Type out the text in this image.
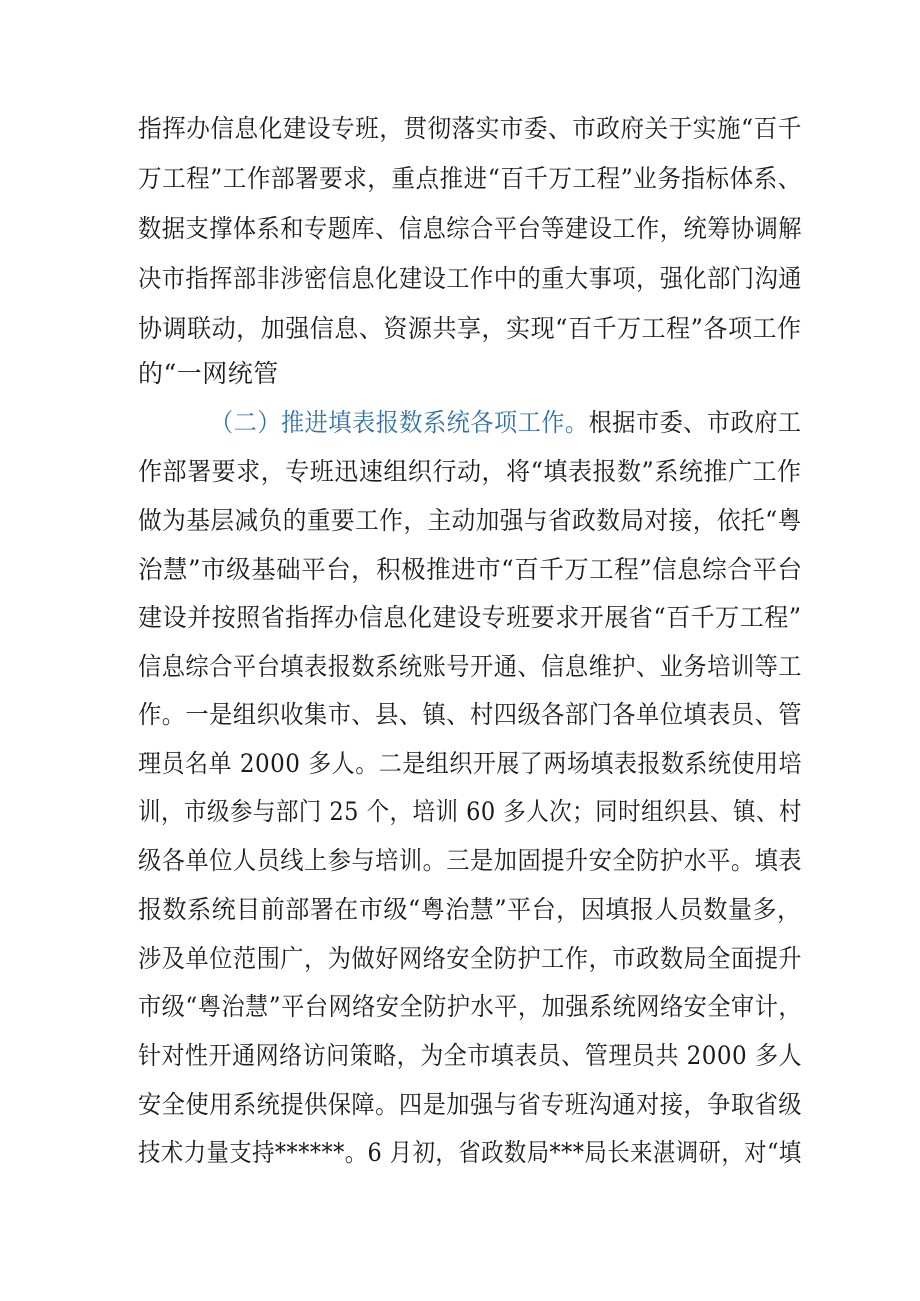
指挥办信息化建设专班，贯彻落实市委、市政府关于实施“百千
万工程”工作部署要求，重点推进“百千万工程”业务指标体系、
数据支撑体系和专题库、信息综合平台等建设工作，统筹协调解
决市指挥部非涉密信息化建设工作中的重大事项，强化部门沟通
协调联动，加强信息、资源共享，实现“百千万工程”各项工作
的“一网统管
（二）推进填表报数系统各项工作。根据市委、市政府工
作部署要求，专班迅速组织行动，将“填表报数”系统推广工作
做为基层减负的重要工作，主动加强与省政数局对接，依托“粤
治慧”市级基础平台，积极推进市“百千万工程”信息综合平台
建设并按照省指挥办信息化建设专班要求开展省“百千万工程”
信息综合平台填表报数系统账号开通、信息维护、业务培训等工
作。一是组织收集市、县、镇、村四级各部门各单位填表员、管
理员名单 2000 多人。二是组织开展了两场填表报数系统使用培
训，市级参与部门 25 个，培训 60 多人次；同时组织县、镇、村
级各单位人员线上参与培训。三是加固提升安全防护水平。填表
报数系统目前部署在市级“粤治慧”平台，因填报人员数量多，
涉及单位范围广，为做好网络安全防护工作，市政数局全面提升
市级“粤治慧”平台网络安全防护水平，加强系统网络安全审计，
针对性开通网络访问策略，为全市填表员、管理员共 2000 多人
安全使用系统提供保障。四是加强与省专班沟通对接，争取省级
技术力量支持******。6 月初，省政数局***局长来湛调研，对“填
